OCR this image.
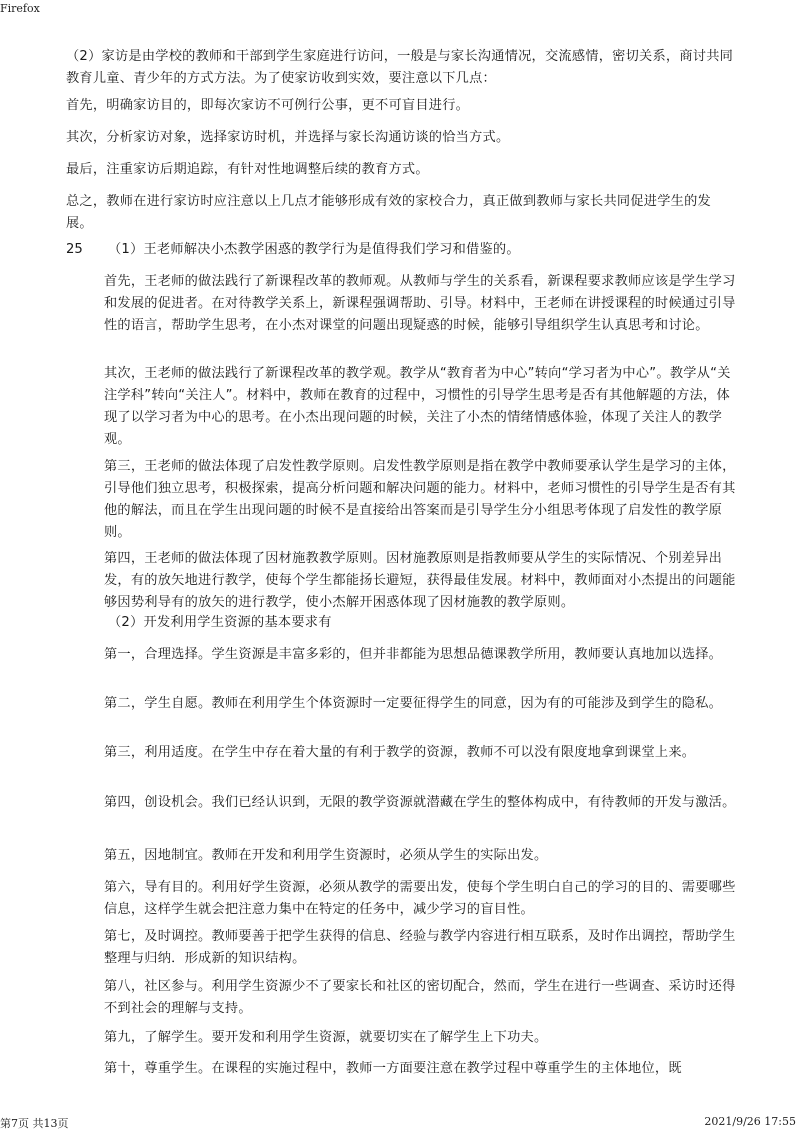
Firefox

（2）家访是由学校的教师和干部到学生家庭进行访问，一般是与家长沟通情况，交流感情，密切关系，商讨共同教育儿童、青少年的方式方法。为了使家访收到实效，要注意以下几点：

首先，明确家访目的，即每次家访不可例行公事，更不可盲目进行。

其次，分析家访对象，选择家访时机，并选择与家长沟通访谈的恰当方式。

最后，注重家访后期追踪，有针对性地调整后续的教育方式。

总之，教师在进行家访时应注意以上几点才能够形成有效的家校合力，真正做到教师与家长共同促进学生的发展。

25 （1）王老师解决小杰教学困惑的教学行为是值得我们学习和借鉴的。

首先，王老师的做法践行了新课程改革的教师观。从教师与学生的关系看，新课程要求教师应该是学生学习和发展的促进者。在对待教学关系上，新课程强调帮助、引导。材料中，王老师在讲授课程的时候通过引导性的语言，帮助学生思考，在小杰对课堂的问题出现疑惑的时候，能够引导组织学生认真思考和讨论。

其次，王老师的做法践行了新课程改革的教学观。教学从“教育者为中心”转向“学习者为中心”。教学从“关注学科”转向“关注人”。材料中，教师在教育的过程中，习惯性的引导学生思考是否有其他解题的方法，体现了以学习者为中心的思考。在小杰出现问题的时候，关注了小杰的情绪情感体验，体现了关注人的教学观。

第三，王老师的做法体现了启发性教学原则。启发性教学原则是指在教学中教师要承认学生是学习的主体，引导他们独立思考，积极探索，提高分析问题和解决问题的能力。材料中，老师习惯性的引导学生是否有其他的解法，而且在学生出现问题的时候不是直接给出答案而是引导学生分小组思考体现了启发性的教学原则。

第四，王老师的做法体现了因材施教教学原则。因材施教原则是指教师要从学生的实际情况、个别差异出发，有的放矢地进行教学，使每个学生都能扬长避短，获得最佳发展。材料中，教师面对小杰提出的问题能够因势利导有的放矢的进行教学，使小杰解开困惑体现了因材施教的教学原则。

（2）开发利用学生资源的基本要求有

第一，合理选择。学生资源是丰富多彩的，但并非都能为思想品德课教学所用，教师要认真地加以选择。

第二，学生自愿。教师在利用学生个体资源时一定要征得学生的同意，因为有的可能涉及到学生的隐私。

第三，利用适度。在学生中存在着大量的有利于教学的资源，教师不可以没有限度地拿到课堂上来。

第四，创设机会。我们已经认识到，无限的教学资源就潜藏在学生的整体构成中，有待教师的开发与激活。

第五，因地制宜。教师在开发和利用学生资源时，必须从学生的实际出发。

第六，导有目的。利用好学生资源，必须从教学的需要出发，使每个学生明白自己的学习的目的、需要哪些信息，这样学生就会把注意力集中在特定的任务中，减少学习的盲目性。

第七，及时调控。教师要善于把学生获得的信息、经验与教学内容进行相互联系，及时作出调控，帮助学生整理与归纳．形成新的知识结构。

第八，社区参与。利用学生资源少不了要家长和社区的密切配合，然而，学生在进行一些调查、采访时还得不到社会的理解与支持。

第九，了解学生。要开发和利用学生资源，就要切实在了解学生上下功夫。

第十，尊重学生。在课程的实施过程中，教师一方面要注意在教学过程中尊重学生的主体地位，既

第7页 共13页	2021/9/26 17:55
